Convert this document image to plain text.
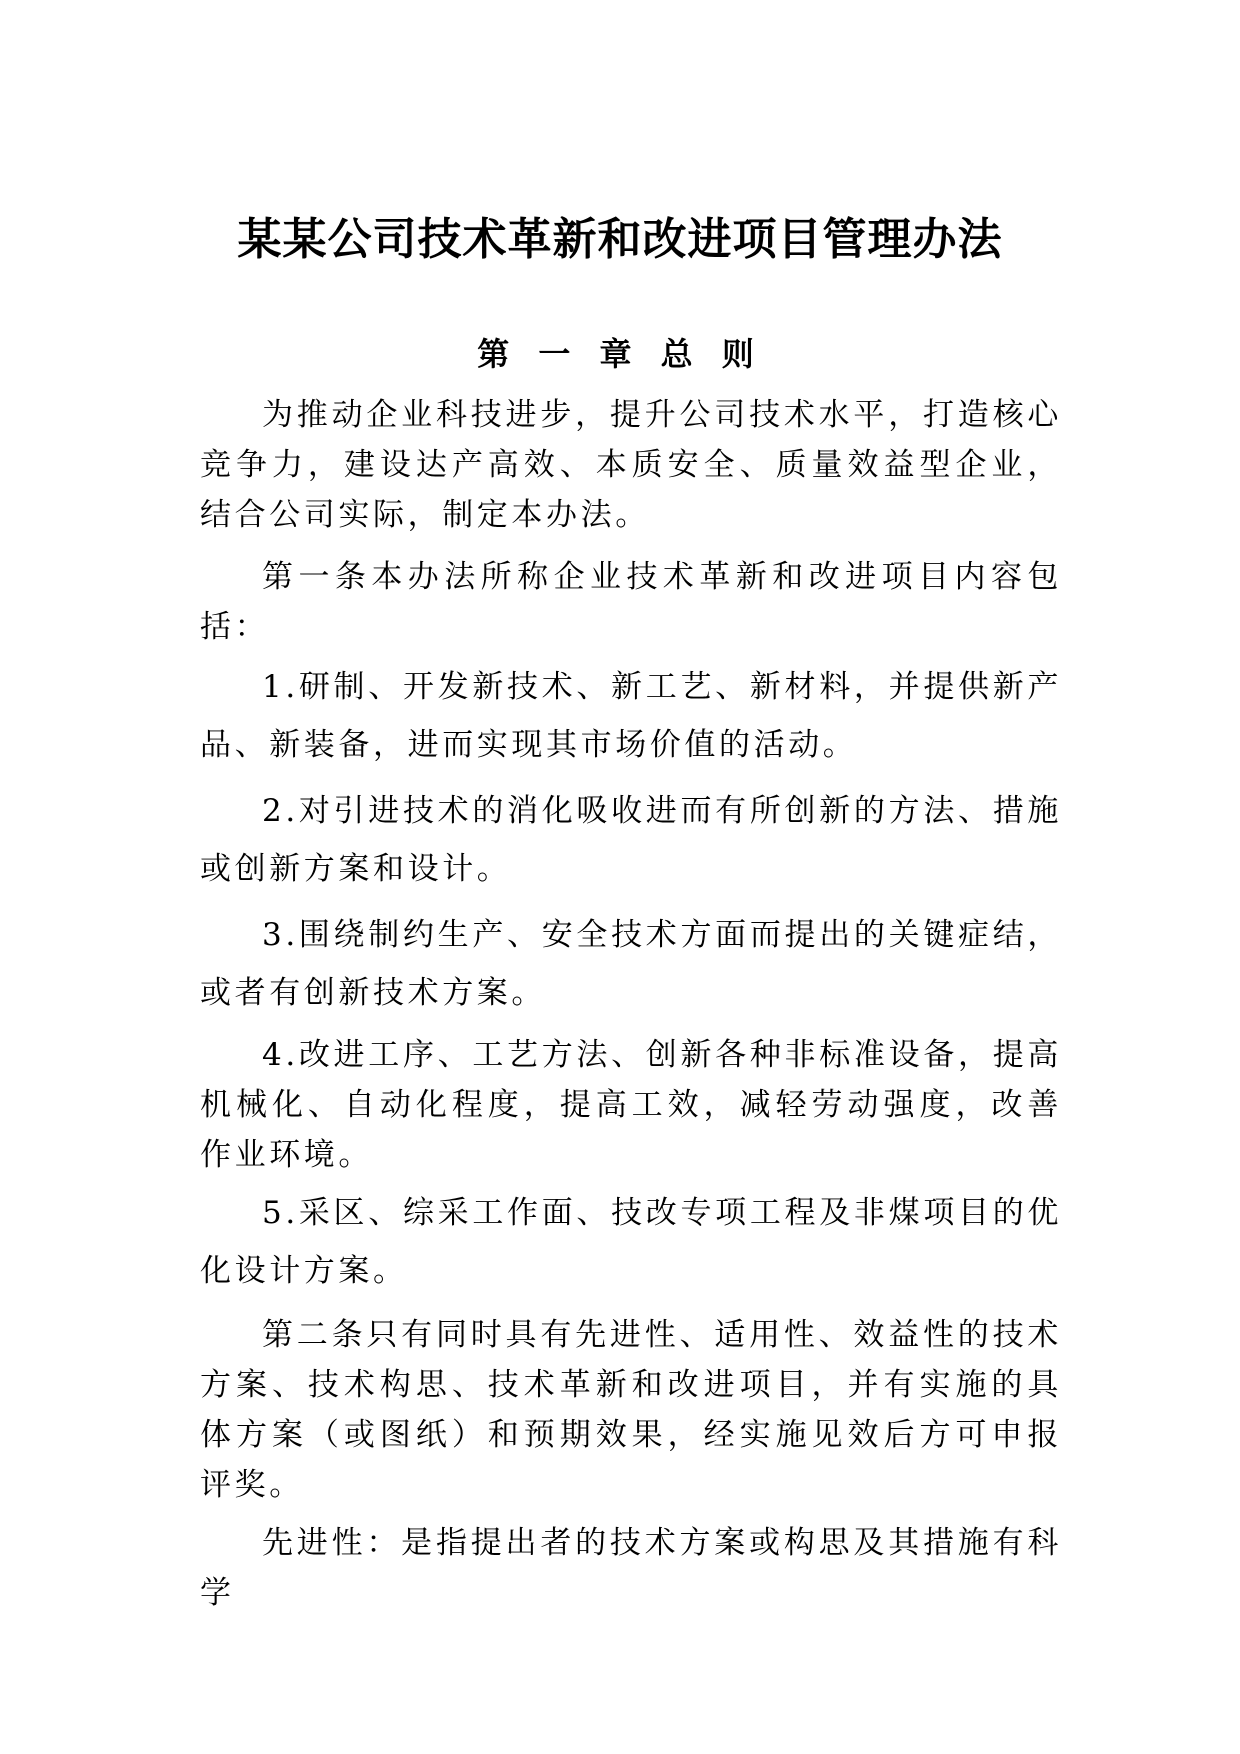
某某公司技术革新和改进项目管理办法
第 一 章 总 则

为推动企业科技进步，提升公司技术水平，打造核心竞争力，建设达产高效、本质安全、质量效益型企业，结合公司实际，制定本办法。

第一条本办法所称企业技术革新和改进项目内容包括：

1.研制、开发新技术、新工艺、新材料，并提供新产品、新装备，进而实现其市场价值的活动。

2.对引进技术的消化吸收进而有所创新的方法、措施或创新方案和设计。

3.围绕制约生产、安全技术方面而提出的关键症结，或者有创新技术方案。

4.改进工序、工艺方法、创新各种非标准设备，提高机械化、自动化程度，提高工效，减轻劳动强度，改善作业环境。

5.采区、综采工作面、技改专项工程及非煤项目的优化设计方案。

第二条只有同时具有先进性、适用性、效益性的技术方案、技术构思、技术革新和改进项目，并有实施的具体方案（或图纸）和预期效果，经实施见效后方可申报评奖。

先进性：是指提出者的技术方案或构思及其措施有科学
